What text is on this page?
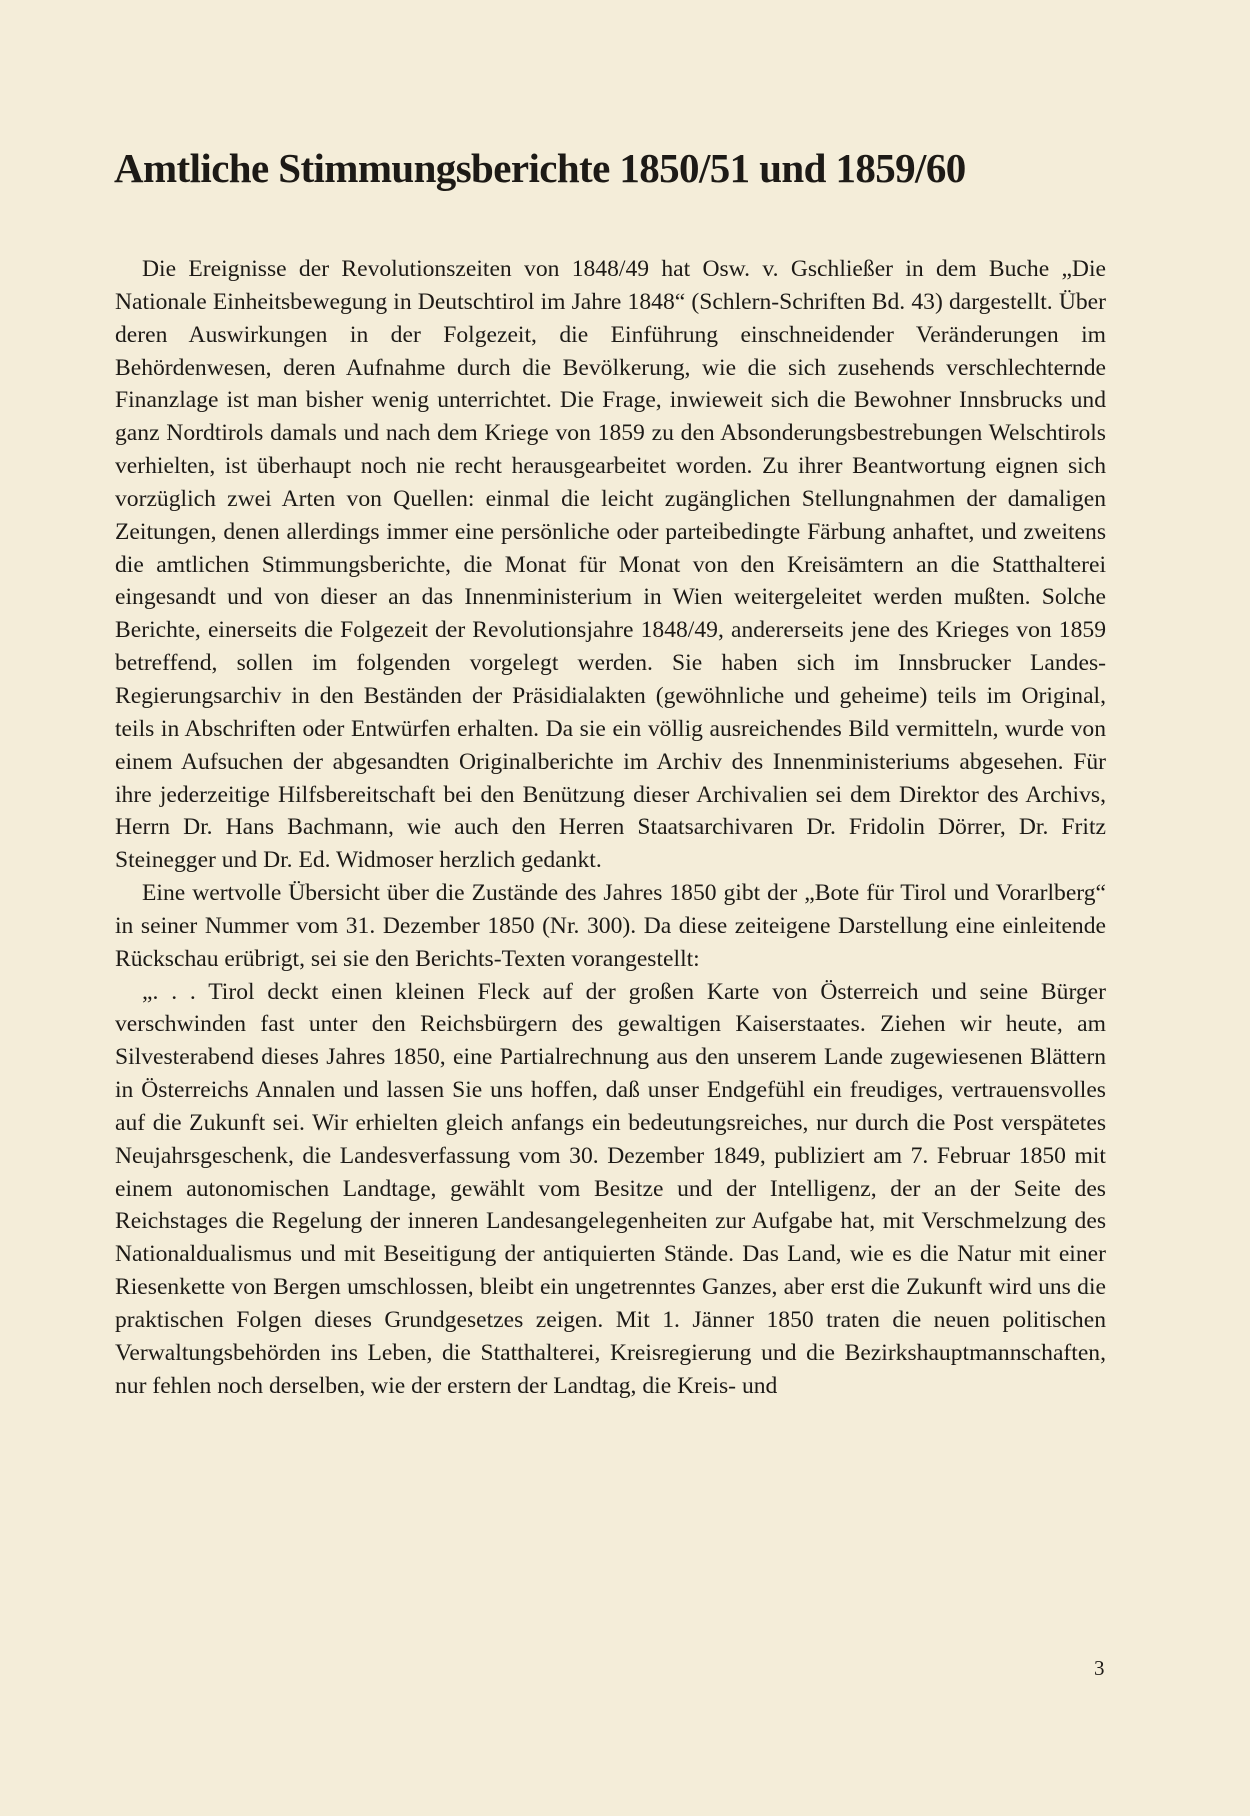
Amtliche Stimmungsberichte 1850/51 und 1859/60

Die Ereignisse der Revolutionszeiten von 1848/49 hat Osw. v. Gschließer in dem Buche „Die Nationale Einheitsbewegung in Deutschtirol im Jahre 1848“ (Schlern-Schriften Bd. 43) dargestellt. Über deren Auswirkungen in der Folgezeit, die Einführung einschneidender Veränderungen im Behördenwesen, deren Aufnahme durch die Bevölkerung, wie die sich zusehends verschlechternde Finanzlage ist man bisher wenig unterrichtet. Die Frage, inwieweit sich die Bewohner Innsbrucks und ganz Nordtirols damals und nach dem Kriege von 1859 zu den Absonderungsbestrebungen Welschtirols verhielten, ist überhaupt noch nie recht herausgearbeitet worden. Zu ihrer Beantwortung eignen sich vorzüglich zwei Arten von Quellen: einmal die leicht zugänglichen Stellungnahmen der damaligen Zeitungen, denen allerdings immer eine persönliche oder parteibedingte Färbung anhaftet, und zweitens die amtlichen Stimmungsberichte, die Monat für Monat von den Kreisämtern an die Statthalterei eingesandt und von dieser an das Innenministerium in Wien weitergeleitet werden mußten. Solche Berichte, einerseits die Folgezeit der Revolutionsjahre 1848/49, andererseits jene des Krieges von 1859 betreffend, sollen im folgenden vorgelegt werden. Sie haben sich im Innsbrucker Landes-Regierungsarchiv in den Beständen der Präsidialakten (gewöhnliche und geheime) teils im Original, teils in Abschriften oder Entwürfen erhalten. Da sie ein völlig ausreichendes Bild vermitteln, wurde von einem Aufsuchen der abgesandten Originalberichte im Archiv des Innenministeriums abgesehen. Für ihre jederzeitige Hilfsbereitschaft bei den Benützung dieser Archivalien sei dem Direktor des Archivs, Herrn Dr. Hans Bachmann, wie auch den Herren Staatsarchivaren Dr. Fridolin Dörrer, Dr. Fritz Steinegger und Dr. Ed. Widmoser herzlich gedankt.

Eine wertvolle Übersicht über die Zustände des Jahres 1850 gibt der „Bote für Tirol und Vorarlberg“ in seiner Nummer vom 31. Dezember 1850 (Nr. 300). Da diese zeiteigene Darstellung eine einleitende Rückschau erübrigt, sei sie den Berichts-Texten vorangestellt:

„. . . Tirol deckt einen kleinen Fleck auf der großen Karte von Österreich und seine Bürger verschwinden fast unter den Reichsbürgern des gewaltigen Kaiserstaates. Ziehen wir heute, am Silvesterabend dieses Jahres 1850, eine Partialrechnung aus den unserem Lande zugewiesenen Blättern in Österreichs Annalen und lassen Sie uns hoffen, daß unser Endgefühl ein freudiges, vertrauensvolles auf die Zukunft sei. Wir erhielten gleich anfangs ein bedeutungsreiches, nur durch die Post verspätetes Neujahrsgeschenk, die Landesverfassung vom 30. Dezember 1849, publiziert am 7. Februar 1850 mit einem autonomischen Landtage, gewählt vom Besitze und der Intelligenz, der an der Seite des Reichstages die Regelung der inneren Landesangelegenheiten zur Aufgabe hat, mit Verschmelzung des Nationaldualismus und mit Beseitigung der antiquierten Stände. Das Land, wie es die Natur mit einer Riesenkette von Bergen umschlossen, bleibt ein ungetrenntes Ganzes, aber erst die Zukunft wird uns die praktischen Folgen dieses Grundgesetzes zeigen. Mit 1. Jänner 1850 traten die neuen politischen Verwaltungsbehörden ins Leben, die Statthalterei, Kreisregierung und die Bezirkshauptmannschaften, nur fehlen noch derselben, wie der erstern der Landtag, die Kreis- und

3
